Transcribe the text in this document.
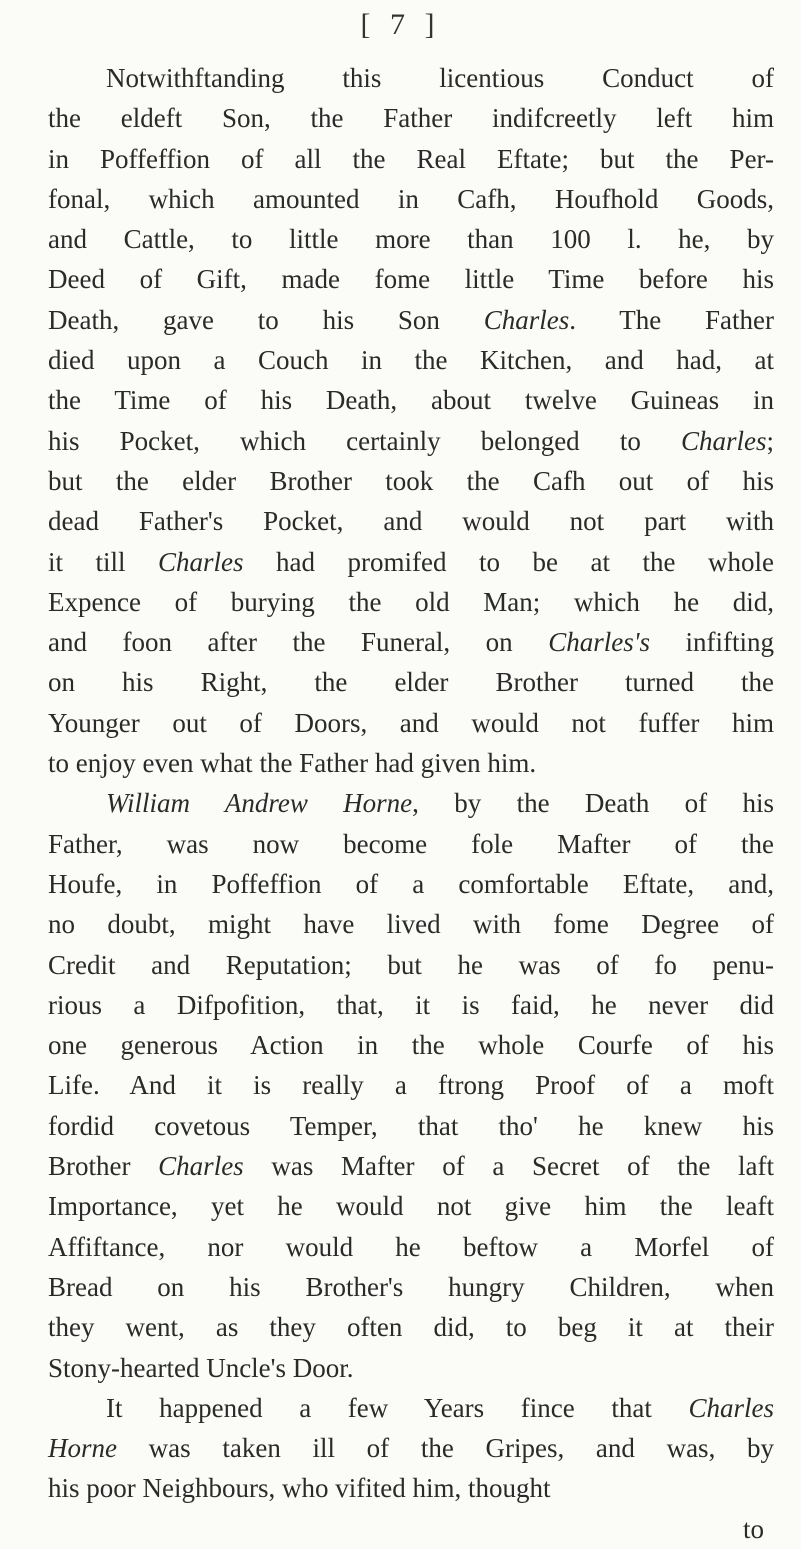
[ 7 ]
Notwithftanding this licentious Conduct of
the eldeft Son, the Father indifcreetly left him
in Poffeffion of all the Real Eftate; but the Per-
fonal, which amounted in Cafh, Houfhold Goods,
and Cattle, to little more than 100 l. he, by
Deed of Gift, made fome little Time before his
Death, gave to his Son Charles. The Father
died upon a Couch in the Kitchen, and had, at
the Time of his Death, about twelve Guineas in
his Pocket, which certainly belonged to Charles;
but the elder Brother took the Cafh out of his
dead Father's Pocket, and would not part with
it till Charles had promifed to be at the whole
Expence of burying the old Man; which he did,
and foon after the Funeral, on Charles's infifting
on his Right, the elder Brother turned the
Younger out of Doors, and would not fuffer him
to enjoy even what the Father had given him.
William Andrew Horne, by the Death of his
Father, was now become fole Mafter of the
Houfe, in Poffeffion of a comfortable Eftate, and,
no doubt, might have lived with fome Degree of
Credit and Reputation; but he was of fo penu-
rious a Difpofition, that, it is faid, he never did
one generous Action in the whole Courfe of his
Life. And it is really a ftrong Proof of a moft
fordid covetous Temper, that tho' he knew his
Brother Charles was Mafter of a Secret of the laft
Importance, yet he would not give him the leaft
Affiftance, nor would he beftow a Morfel of
Bread on his Brother's hungry Children, when
they went, as they often did, to beg it at their
Stony-hearted Uncle's Door.
It happened a few Years fince that Charles
Horne was taken ill of the Gripes, and was, by
his poor Neighbours, who vifited him, thought
to
